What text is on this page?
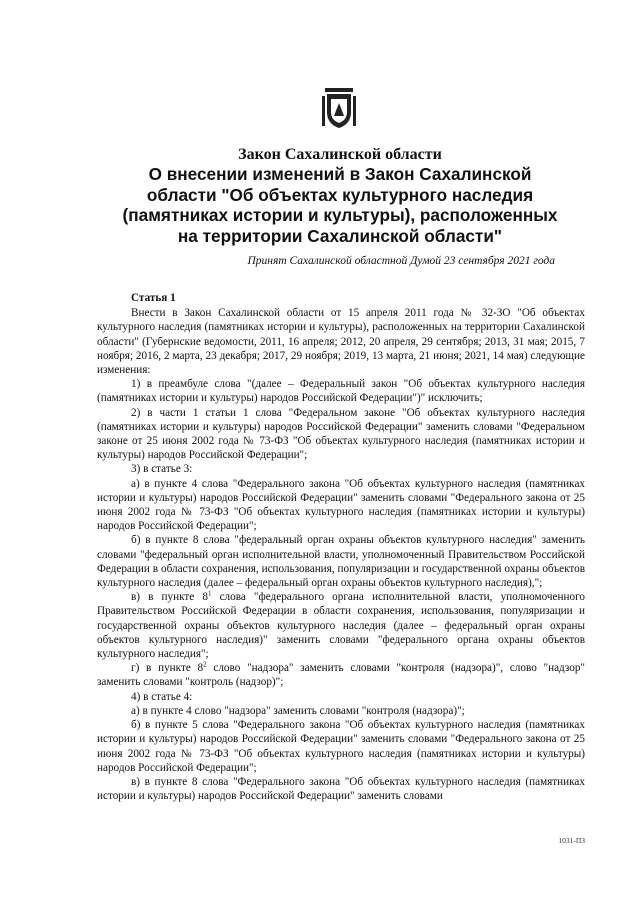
Закон Сахалинской области
О внесении изменений в Закон Сахалинской
области "Об объектах культурного наследия
(памятниках истории и культуры), расположенных
на территории Сахалинской области"
Принят Сахалинской областной Думой 23 сентября 2021 года
Статья 1

Внести в Закон Сахалинской области от 15 апреля 2011 года № 32-ЗО "Об объектах культурного наследия (памятниках истории и культуры), расположенных на территории Сахалинской области" (Губернские ведомости, 2011, 16 апреля; 2012, 20 апреля, 29 сентября; 2013, 31 мая; 2015, 7 ноября; 2016, 2 марта, 23 декабря; 2017, 29 ноября; 2019, 13 марта, 21 июня; 2021, 14 мая) следующие изменения:

1) в преамбуле слова "(далее – Федеральный закон "Об объектах культурного наследия (памятниках истории и культуры) народов Российской Федерации")" исключить;

2) в части 1 статьи 1 слова "Федеральном законе "Об объектах культурного наследия (памятниках истории и культуры) народов Российской Федерации" заменить словами "Федеральном законе от 25 июня 2002 года № 73-ФЗ "Об объектах культурного наследия (памятниках истории и культуры) народов Российской Федерации";

3) в статье 3:

а) в пункте 4 слова "Федерального закона "Об объектах культурного наследия (памятниках истории и культуры) народов Российской Федерации" заменить словами "Федерального закона от 25 июня 2002 года № 73-ФЗ "Об объектах культурного наследия (памятниках истории и культуры) народов Российской Федерации";

б) в пункте 8 слова "федеральный орган охраны объектов культурного наследия" заменить словами "федеральный орган исполнительной власти, уполномоченный Правительством Российской Федерации в области сохранения, использования, популяризации и государственной охраны объектов культурного наследия (далее – федеральный орган охраны объектов культурного наследия),";

в) в пункте $8^1$ слова "федерального органа исполнительной власти, уполномоченного Правительством Российской Федерации в области сохранения, использования, популяризации и государственной охраны объектов культурного наследия (далее – федеральный орган охраны объектов культурного наследия)" заменить словами "федерального органа охраны объектов культурного наследия";

г) в пункте $8^2$ слово "надзора" заменить словами "контроля (надзора)", слово "надзор" заменить словами "контроль (надзор)";

4) в статье 4:

а) в пункте 4 слово "надзора" заменить словами "контроля (надзора)";

б) в пункте 5 слова "Федерального закона "Об объектах культурного наследия (памятниках истории и культуры) народов Российской Федерации" заменить словами "Федерального закона от 25 июня 2002 года № 73-ФЗ "Об объектах культурного наследия (памятниках истории и культуры) народов Российской Федерации";

в) в пункте 8 слова "Федерального закона "Об объектах культурного наследия (памятниках истории и культуры) народов Российской Федерации" заменить словами

1031-ПЗ
